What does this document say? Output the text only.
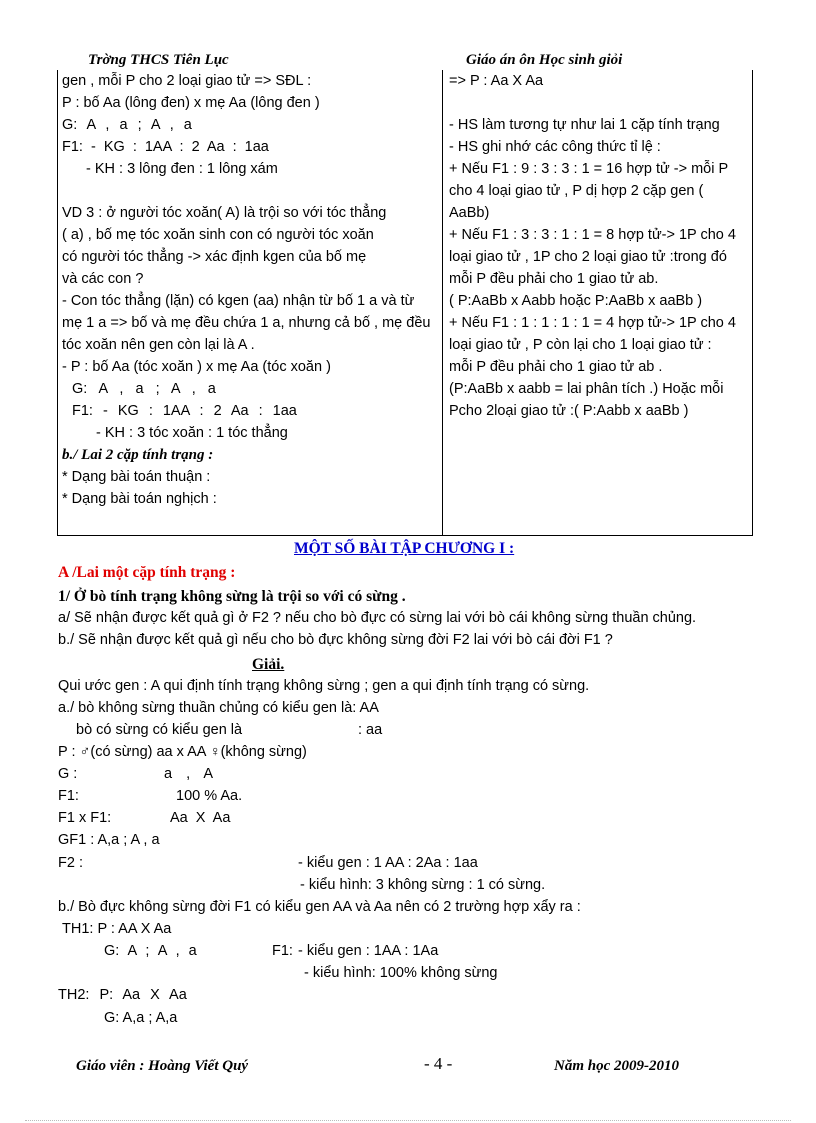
Trờng THCS Tiên Lục	Giáo án ôn Học sinh giỏi
gen , mỗi P cho 2 loại giao tử => SĐL :
P : bố Aa (lông đen) x mẹ Aa (lông đen )
G: A , a ; A , a
F1: - KG : 1AA : 2 Aa : 1aa
- KH : 3 lông đen : 1 lông xám
VD 3 : ở người tóc xoăn( A) là trội so với tóc thẳng
( a) , bố mẹ tóc xoăn sinh con có người tóc xoăn
có người tóc thẳng -> xác định kgen của bố mẹ
và các con ?
- Con tóc thẳng (lặn) có kgen (aa) nhận từ bố 1 a và từ
mẹ 1 a => bố và mẹ đều chứa 1 a, nhưng cả bố , mẹ đều
tóc xoăn nên gen còn lại là A .
- P : bố Aa (tóc xoăn ) x mẹ Aa (tóc xoăn )
G: A , a ; A , a
F1: - KG : 1AA : 2 Aa : 1aa
- KH : 3 tóc xoăn : 1 tóc thẳng
b./ Lai 2 cặp tính trạng :
* Dạng bài toán thuận :
* Dạng bài toán nghịch :
=> P : Aa X Aa
- HS làm tương tự như lai 1 cặp tính trạng
- HS ghi nhớ các công thức tỉ lệ :
+ Nếu F1 : 9 : 3 : 3 : 1 = 16 hợp tử -> mỗi P
cho 4 loại giao tử , P dị hợp 2 cặp gen (
AaBb)
+ Nếu F1 : 3 : 3 : 1 : 1 = 8 hợp tử-> 1P cho 4
loại giao tử , 1P cho 2 loại giao tử :trong đó
mỗi P đều phải cho 1 giao tử ab.
( P:AaBb x Aabb hoặc P:AaBb x aaBb )
+ Nếu F1 : 1 : 1 : 1 : 1 = 4 hợp tử-> 1P cho 4
loại giao tử , P còn lại cho 1 loại giao tử :
mỗi P đều phải cho 1 giao tử ab .
(P:AaBb x aabb = lai phân tích .) Hoặc mỗi
Pcho 2loại giao tử :( P:Aabb x aaBb )
MỘT SỐ BÀI TẬP CHƯƠNG I :
A /Lai một cặp tính trạng :
1/ Ở bò tính trạng không sừng là trội so với có sừng .
a/ Sẽ nhận được kết quả gì ở F2 ? nếu cho bò đực có sừng lai với bò cái không sừng thuần chủng.
b./ Sẽ nhận được kết quả gì nếu cho bò đực không sừng đời F2 lai với bò cái đời F1 ?
Giải.
Qui ước gen : A qui định tính trạng không sừng ; gen a qui định tính trạng có sừng.
a./ bò không sừng thuần chủng có kiểu gen là: AA
bò có sừng có kiểu gen là	: aa
P : ♂(có sừng) aa x AA ♀(không sừng)
G :	a , A
F1:	100 % Aa.
F1 x F1:	Aa X Aa
GF1 : A,a ; A , a
F2 :	- kiểu gen : 1 AA : 2Aa : 1aa
- kiểu hình: 3 không sừng : 1 có sừng.
b./ Bò đực không sừng đời F1 có kiểu gen AA và Aa nên có 2 trường hợp xẩy ra :
TH1: P : AA X Aa
G: A ; A , a	F1: - kiểu gen : 1AA : 1Aa
- kiểu hình: 100% không sừng
TH2: P: Aa X Aa
G: A,a ; A,a
Giáo viên : Hoàng Viết Quý	- 4 -	Năm học 2009-2010
